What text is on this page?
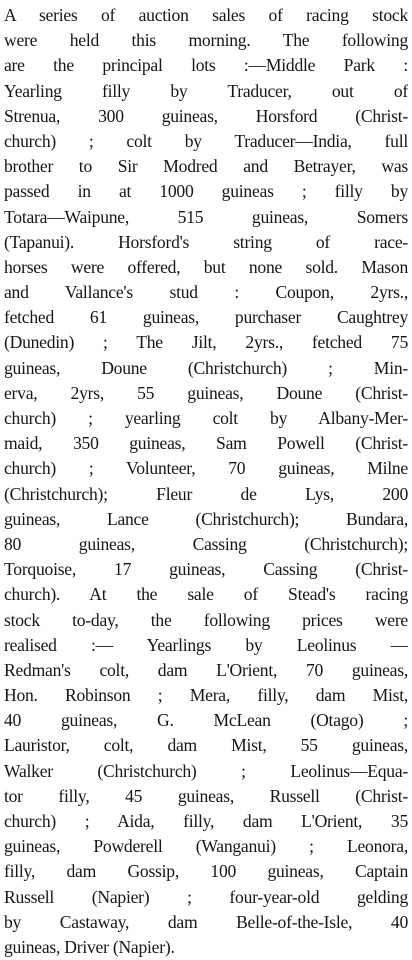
A series of auction sales of racing stock
were held this morning. The following
are the principal lots :—Middle Park :
Yearling filly by Traducer, out of
Strenua, 300 guineas, Horsford (Christ-
church) ; colt by Traducer—India, full
brother to Sir Modred and Betrayer, was
passed in at 1000 guineas ; filly by
Totara—Waipune, 515 guineas, Somers
(Tapanui). Horsford's string of race-
horses were offered, but none sold. Mason
and Vallance's stud : Coupon, 2yrs.,
fetched 61 guineas, purchaser Caughtrey
(Dunedin) ; The Jilt, 2yrs., fetched 75
guineas, Doune (Christchurch) ; Min-
erva, 2yrs, 55 guineas, Doune (Christ-
church) ; yearling colt by Albany-Mer-
maid, 350 guineas, Sam Powell (Christ-
church) ; Volunteer, 70 guineas, Milne
(Christchurch); Fleur de Lys, 200
guineas, Lance (Christchurch); Bundara,
80 guineas, Cassing (Christchurch);
Torquoise, 17 guineas, Cassing (Christ-
church). At the sale of Stead's racing
stock to-day, the following prices were
realised :— Yearlings by Leolinus —
Redman's colt, dam L'Orient, 70 guineas,
Hon. Robinson ; Mera, filly, dam Mist,
40 guineas, G. McLean (Otago) ;
Lauristor, colt, dam Mist, 55 guineas,
Walker (Christchurch) ; Leolinus—Equa-
tor filly, 45 guineas, Russell (Christ-
church) ; Aida, filly, dam L'Orient, 35
guineas, Powderell (Wanganui) ; Leonora,
filly, dam Gossip, 100 guineas, Captain
Russell (Napier) ; four-year-old gelding
by Castaway, dam Belle-of-the-Isle, 40
guineas, Driver (Napier).
